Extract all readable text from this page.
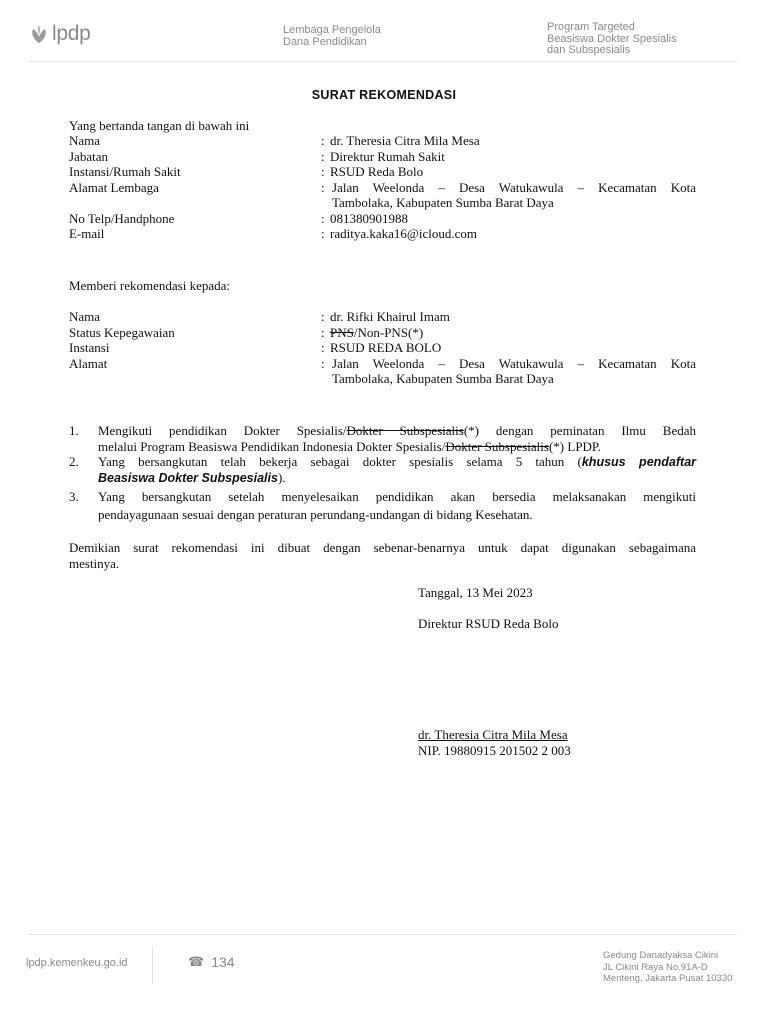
lpdp	Lembaga Pengelola
Dana Pendidikan
Program Targeted
Beasiswa Dokter Spesialis
dan Subspesialis
SURAT REKOMENDASI
Yang bertanda tangan di bawah ini
Nama	: dr. Theresia Citra Mila Mesa
Jabatan	: Direktur Rumah Sakit
Instansi/Rumah Sakit	: RSUD Reda Bolo
Alamat Lembaga	: Jalan Weelonda – Desa Watukawula – Kecamatan Kota
Tambolaka, Kabupaten Sumba Barat Daya
No Telp/Handphone	: 081380901988
E-mail	: raditya.kaka16@icloud.com
Memberi rekomendasi kepada:
Nama	: dr. Rifki Khairul Imam
Status Kepegawaian	: PNS/Non-PNS(*)
Instansi	: RSUD REDA BOLO
Alamat	: Jalan Weelonda – Desa Watukawula – Kecamatan Kota
Tambolaka, Kabupaten Sumba Barat Daya
1. Mengikuti pendidikan Dokter Spesialis/Dokter Subspesialis(*) dengan peminatan Ilmu Bedah
melalui Program Beasiswa Pendidikan Indonesia Dokter Spesialis/Dokter Subspesialis(*) LPDP.
2. Yang bersangkutan telah bekerja sebagai dokter spesialis selama 5 tahun (khusus pendaftar
Beasiswa Dokter Subspesialis).
3. Yang bersangkutan setelah menyelesaikan pendidikan akan bersedia melaksanakan mengikuti
pendayagunaan sesuai dengan peraturan perundang-undangan di bidang Kesehatan.
Demikian surat rekomendasi ini dibuat dengan sebenar-benarnya untuk dapat digunakan sebagaimana
mestinya.
Tanggal, 13 Mei 2023
Direktur RSUD Reda Bolo
dr. Theresia Citra Mila Mesa
NIP. 19880915 201502 2 003
lpdp.kemenkeu.go.id	☎ 134	Gedung Danadyaksa Cikini
JL Cikini Raya No.91A-D
Menteng, Jakarta Pusat 10330
